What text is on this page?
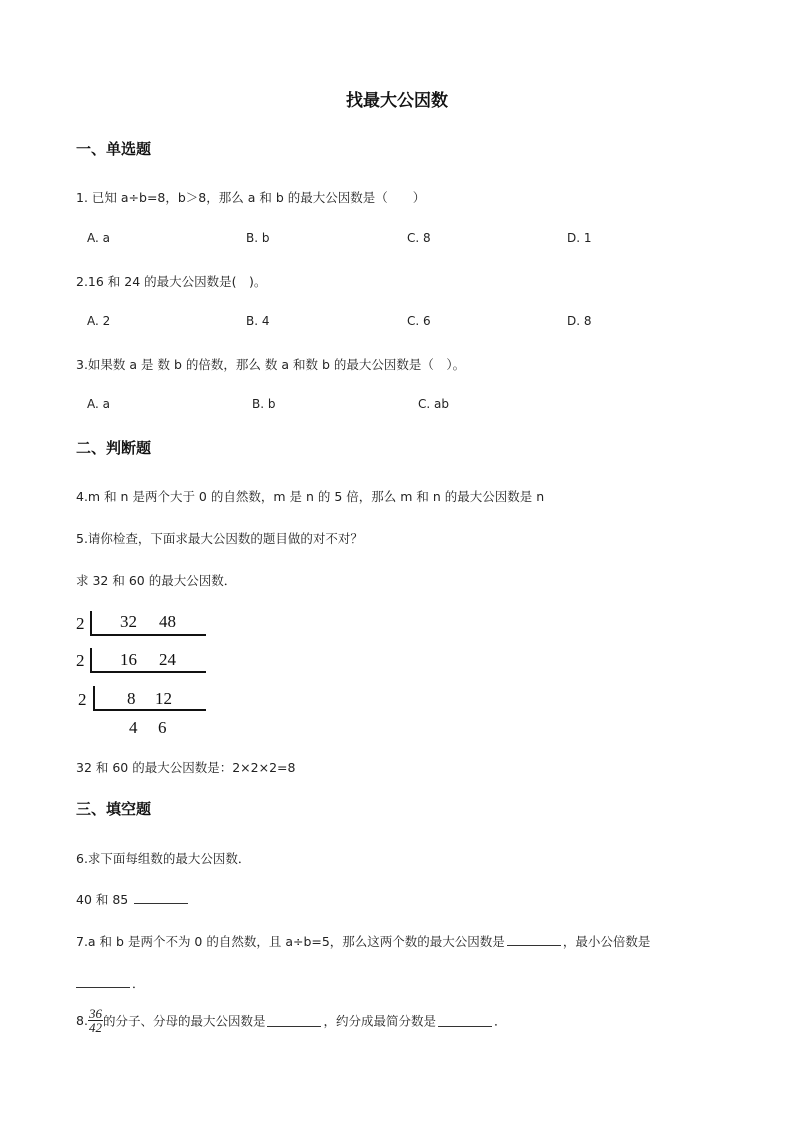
找最大公因数
一、单选题
1. 已知 a÷b=8，b＞8，那么 a 和 b 的最大公因数是（　　）
A. a	B. b	C. 8	D. 1
2.16 和 24 的最大公因数是(　)。
A. 2	B. 4	C. 6	D. 8
3.如果数 a 是 数 b 的倍数，那么 数 a 和数 b 的最大公因数是（　）。
A. a	B. b	C. ab
二、判断题
4.m 和 n 是两个大于 0 的自然数，m 是 n 的 5 倍，那么 m 和 n 的最大公因数是 n
5.请你检查，下面求最大公因数的题目做的对不对？
求 32 和 60 的最大公因数．
2 32 48
2 16 24
2 8 12
4 6
32 和 60 的最大公因数是：2×2×2=8
三、填空题
6.求下面每组数的最大公因数．
40 和 85
7.a 和 b 是两个不为 0 的自然数，且 a÷b=5，那么这两个数的最大公因数是	，最小公倍数是
．
8. $\frac{36}{42}$ 的分子、分母的最大公因数是	，约分成最简分数是	．
